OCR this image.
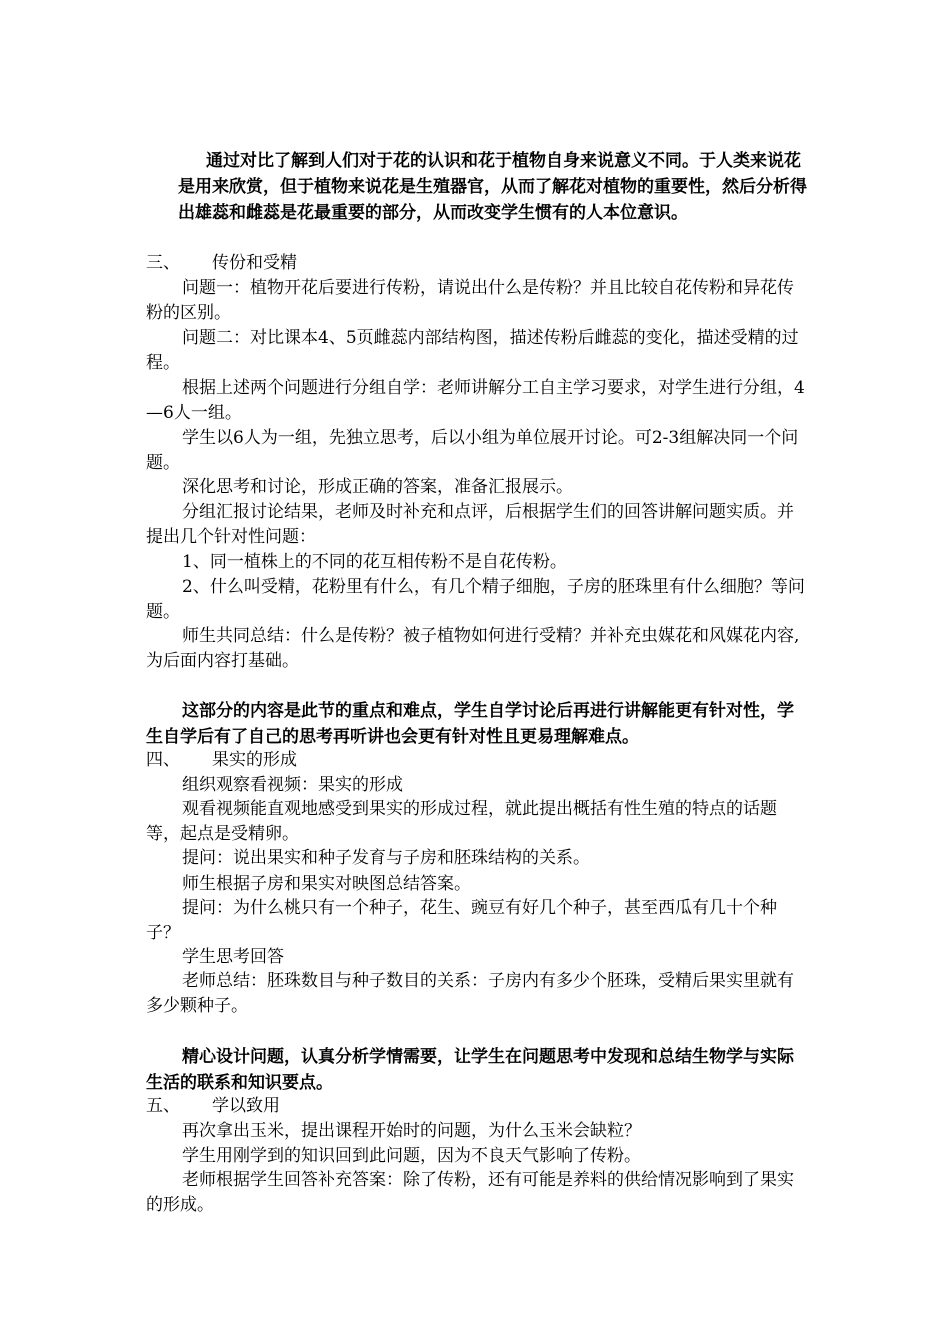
通过对比了解到人们对于花的认识和花于植物自身来说意义不同。于人类来说花是用来欣赏，但于植物来说花是生殖器官，从而了解花对植物的重要性，然后分析得出雄蕊和雌蕊是花最重要的部分，从而改变学生惯有的人本位意识。

三、 传份和受精

问题一：植物开花后要进行传粉，请说出什么是传粉？并且比较自花传粉和异花传粉的区别。

问题二：对比课本4、5页雌蕊内部结构图，描述传粉后雌蕊的变化，描述受精的过程。

根据上述两个问题进行分组自学：老师讲解分工自主学习要求，对学生进行分组，4—6人一组。

学生以6人为一组，先独立思考，后以小组为单位展开讨论。可2-3组解决同一个问题。

深化思考和讨论，形成正确的答案，准备汇报展示。

分组汇报讨论结果，老师及时补充和点评，后根据学生们的回答讲解问题实质。并提出几个针对性问题：

1、同一植株上的不同的花互相传粉不是自花传粉。

2、什么叫受精，花粉里有什么，有几个精子细胞，子房的胚珠里有什么细胞？等问题。

师生共同总结：什么是传粉？被子植物如何进行受精？并补充虫媒花和风媒花内容,为后面内容打基础。

这部分的内容是此节的重点和难点，学生自学讨论后再进行讲解能更有针对性，学生自学后有了自己的思考再听讲也会更有针对性且更易理解难点。

四、 果实的形成

组织观察看视频：果实的形成

观看视频能直观地感受到果实的形成过程，就此提出概括有性生殖的特点的话题等，起点是受精卵。

提问：说出果实和种子发育与子房和胚珠结构的关系。

师生根据子房和果实对映图总结答案。

提问：为什么桃只有一个种子，花生、豌豆有好几个种子，甚至西瓜有几十个种子？

学生思考回答

老师总结：胚珠数目与种子数目的关系：子房内有多少个胚珠，受精后果实里就有多少颗种子。

精心设计问题，认真分析学情需要，让学生在问题思考中发现和总结生物学与实际生活的联系和知识要点。

五、 学以致用

再次拿出玉米，提出课程开始时的问题，为什么玉米会缺粒？

学生用刚学到的知识回到此问题，因为不良天气影响了传粉。

老师根据学生回答补充答案：除了传粉，还有可能是养料的供给情况影响到了果实的形成。
